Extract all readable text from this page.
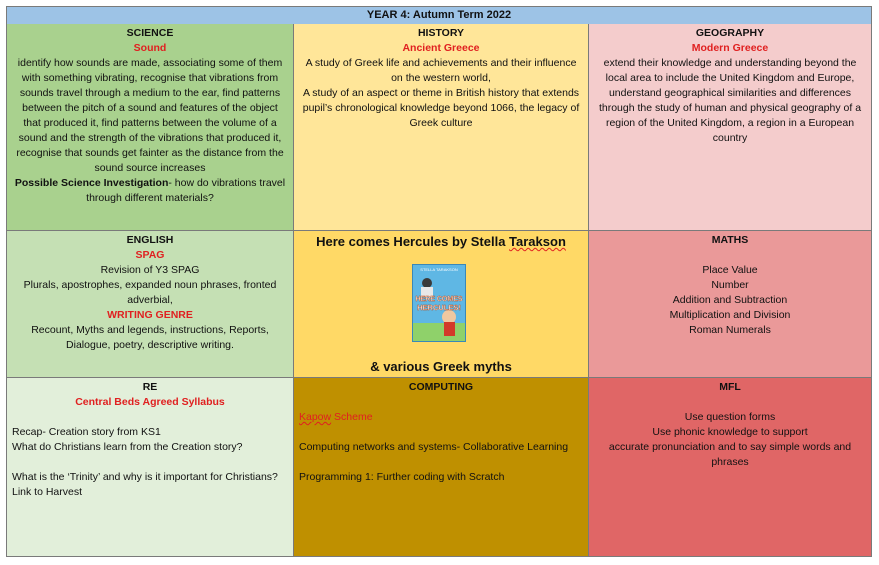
YEAR 4: Autumn Term 2022
SCIENCE
Sound
identify how sounds are made, associating some of them with something vibrating, recognise that vibrations from sounds travel through a medium to the ear, find patterns between the pitch of a sound and features of the object that produced it, find patterns between the volume of a sound and the strength of the vibrations that produced it, recognise that sounds get fainter as the distance from the sound source increases
Possible Science Investigation- how do vibrations travel through different materials?
HISTORY
Ancient Greece
A study of Greek life and achievements and their influence on the western world,
A study of an aspect or theme in British history that extends pupil’s chronological knowledge beyond 1066, the legacy of Greek culture
GEOGRAPHY
Modern Greece
extend their knowledge and understanding beyond the local area to include the United Kingdom and Europe, understand geographical similarities and differences through the study of human and physical geography of a region of the United Kingdom, a region in a European country
ENGLISH
SPAG
Revision of Y3 SPAG
Plurals, apostrophes, expanded noun phrases, fronted adverbial,
WRITING GENRE
Recount, Myths and legends, instructions, Reports, Dialogue, poetry, descriptive writing.
Here comes Hercules by Stella Tarakson
STELLA TARAKSON
HERE COMES
HERCULES!
& various Greek myths
MATHS
Place Value
Number
Addition and Subtraction
Multiplication and Division
Roman Numerals
RE
Central Beds Agreed Syllabus
Recap- Creation story from KS1
What do Christians learn from the Creation story?
What is the ‘Trinity’ and why is it important for Christians? Link to Harvest
COMPUTING
Kapow Scheme
Computing networks and systems- Collaborative Learning
Programming 1: Further coding with Scratch
MFL
Use question forms
Use phonic knowledge to support
accurate pronunciation and to say simple words and phrases
